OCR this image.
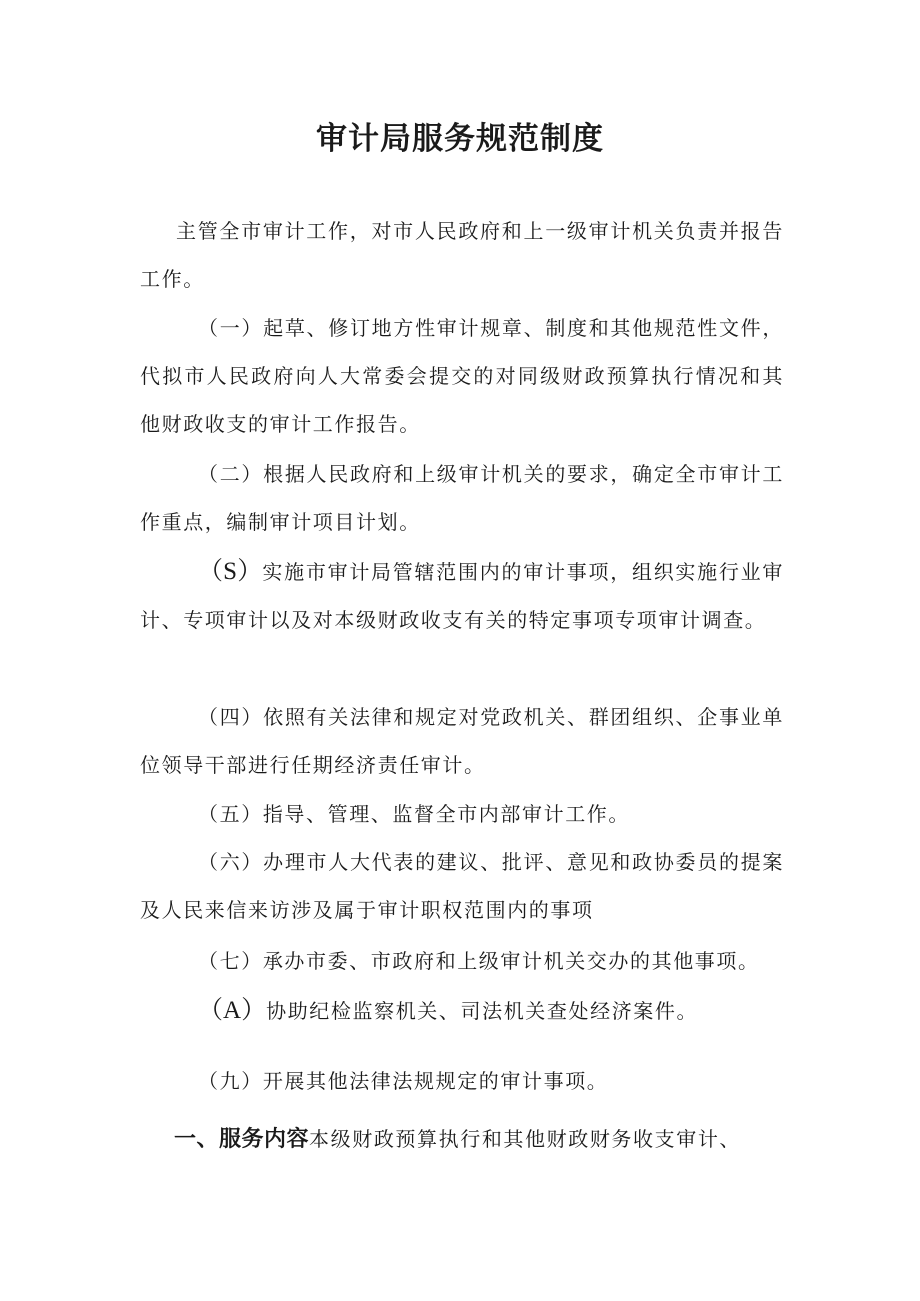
审计局服务规范制度

主管全市审计工作，对市人民政府和上一级审计机关负责并报告工作。

（一）起草、修订地方性审计规章、制度和其他规范性文件，代拟市人民政府向人大常委会提交的对同级财政预算执行情况和其他财政收支的审计工作报告。

（二）根据人民政府和上级审计机关的要求，确定全市审计工作重点，编制审计项目计划。

（S）实施市审计局管辖范围内的审计事项，组织实施行业审计、专项审计以及对本级财政收支有关的特定事项专项审计调查。

（四）依照有关法律和规定对党政机关、群团组织、企事业单位领导干部进行任期经济责任审计。

（五）指导、管理、监督全市内部审计工作。

（六）办理市人大代表的建议、批评、意见和政协委员的提案及人民来信来访涉及属于审计职权范围内的事项

（七）承办市委、市政府和上级审计机关交办的其他事项。

（A）协助纪检监察机关、司法机关查处经济案件。

（九）开展其他法律法规规定的审计事项。

一、服务内容本级财政预算执行和其他财政财务收支审计、
